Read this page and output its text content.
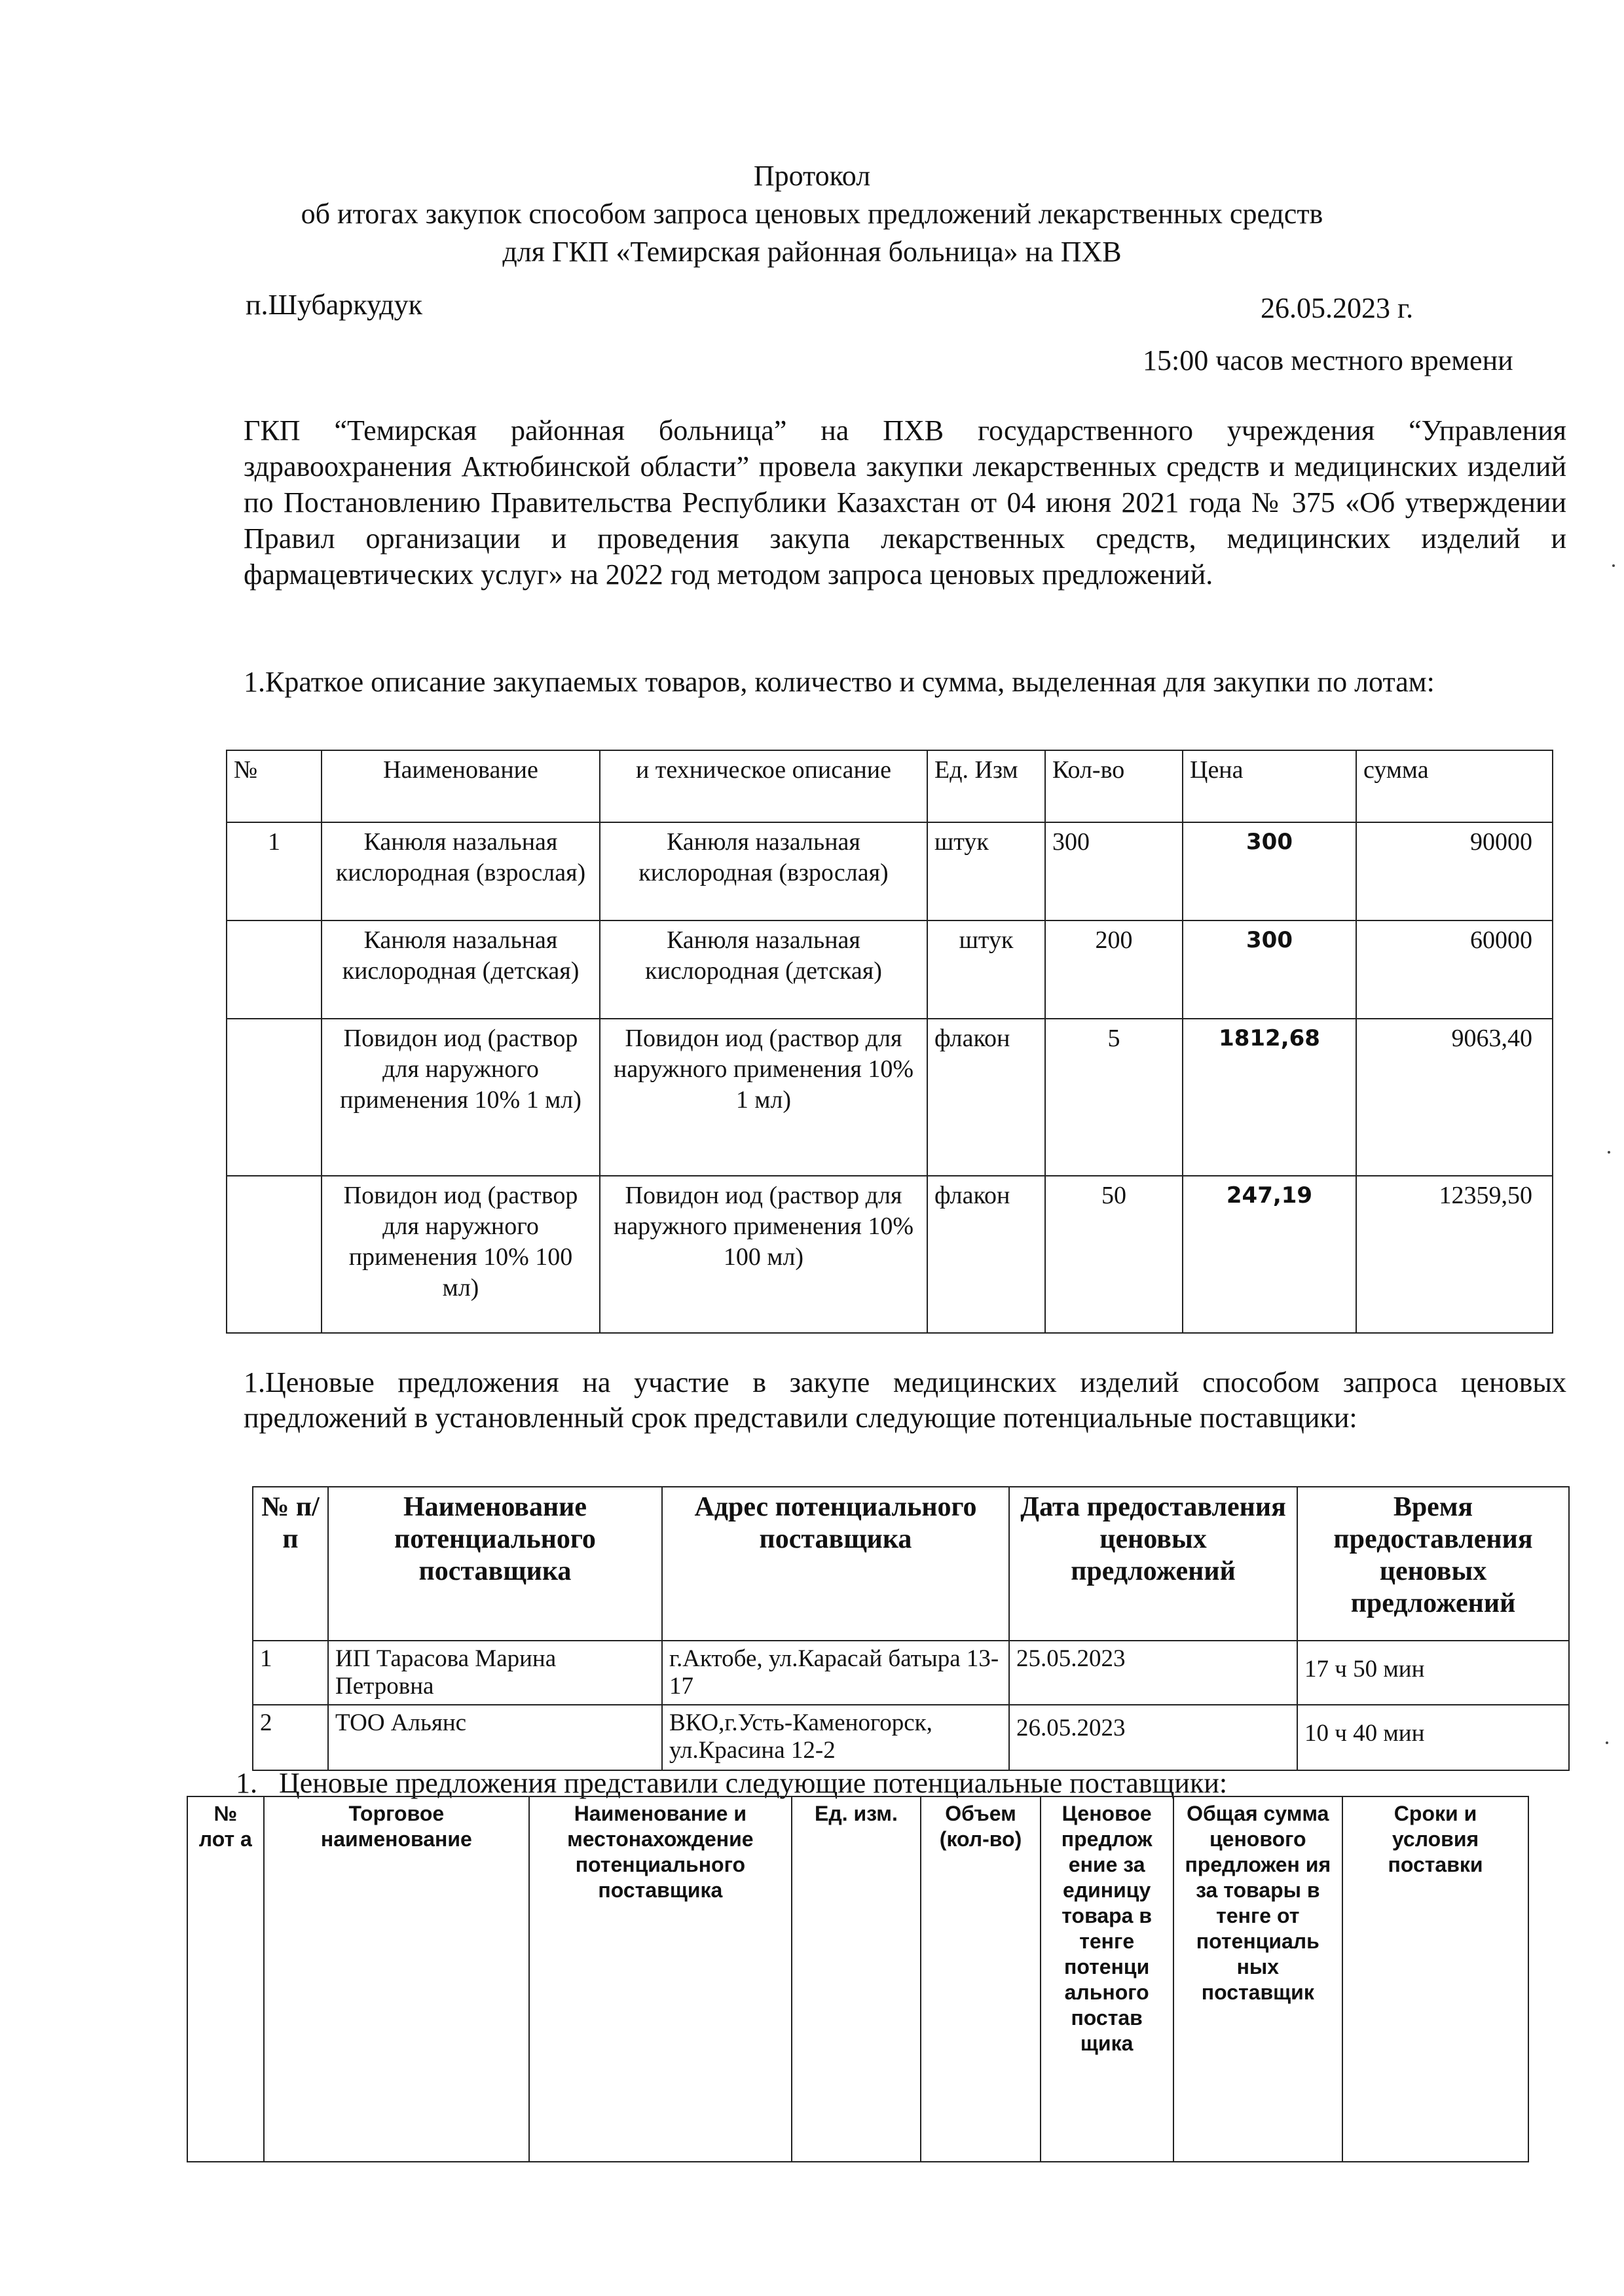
Протокол
об итогах закупок способом запроса ценовых предложений лекарственных средств
для ГКП «Темирская районная больница» на ПХВ
п.Шубаркудук	26.05.2023 г.
15:00 часов местного времени
ГКП “Темирская районная больница” на ПХВ государственного учреждения “Управления здравоохранения Актюбинской области” провела закупки лекарственных средств и медицинских изделий по Постановлению Правительства Республики Казахстан от 04 июня 2021 года № 375 «Об утверждении Правил организации и проведения закупа лекарственных средств, медицинских изделий и фармацевтических услуг» на 2022 год методом запроса ценовых предложений.
1.Краткое описание закупаемых товаров, количество и сумма, выделенная для закупки по лотам:
№	Наименование	и техническое описание	Ед. Изм	Кол-во	Цена	сумма
1	Канюля назальная кислородная (взрослая)	Канюля назальная кислородная (взрослая)	штук	300	300	90000
	Канюля назальная кислородная (детская)	Канюля назальная кислородная (детская)	штук	200	300	60000
	Повидон иод (раствор для наружного применения 10% 1 мл)	Повидон иод (раствор для наружного применения 10% 1 мл)	флакон	5	1812,68	9063,40
	Повидон иод (раствор для наружного применения 10% 100 мл)	Повидон иод (раствор для наружного применения 10% 100 мл)	флакон	50	247,19	12359,50
1.Ценовые предложения на участие в закупе медицинских изделий способом запроса ценовых предложений в установленный срок представили следующие потенциальные поставщики:
№ п/п	Наименование потенциального поставщика	Адрес потенциального поставщика	Дата предоставления ценовых предложений	Время предоставления ценовых предложений
1	ИП Тарасова Марина Петровна	г.Актобе, ул.Карасай батыра 13-17	25.05.2023	17 ч 50 мин
2	ТОО Альянс	ВКО,г.Усть-Каменогорск, ул.Красина 12-2	26.05.2023	10 ч 40 мин
1. Ценовые предложения представили следующие потенциальные поставщики:
№ лот а	Торговое наименование	Наименование и местонахождение потенциального поставщика	Ед. изм.	Объем (кол-во)	Ценовое предлож ение за единицу товара в тенге потенци ального постав щика	Общая сумма ценового предложен ия за товары в тенге от потенциаль ных поставщик	Сроки и условия поставки
